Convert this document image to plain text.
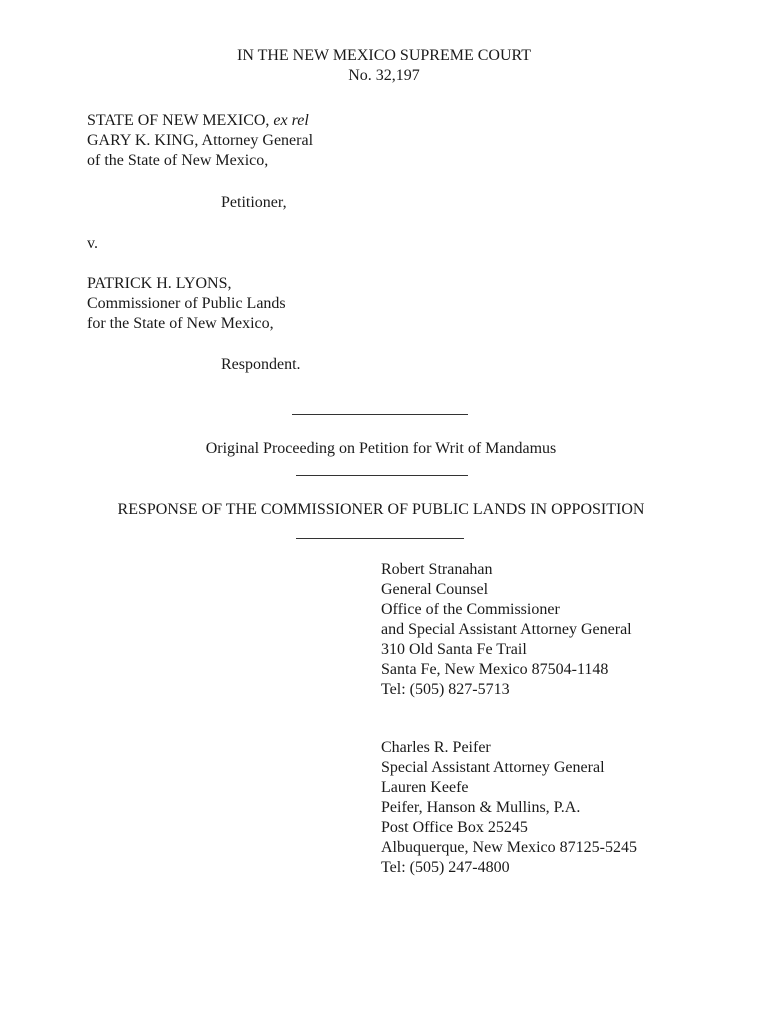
IN THE NEW MEXICO SUPREME COURT
No. 32,197
STATE OF NEW MEXICO, ex rel
GARY K. KING, Attorney General
of the State of New Mexico,
Petitioner,
v.
PATRICK H. LYONS,
Commissioner of Public Lands
for the State of New Mexico,
Respondent.
Original Proceeding on Petition for Writ of Mandamus
RESPONSE OF THE COMMISSIONER OF PUBLIC LANDS IN OPPOSITION

Robert Stranahan

General Counsel

Office of the Commissioner

and Special Assistant Attorney General

310 Old Santa Fe Trail

Santa Fe, New Mexico 87504-1148

Tel: (505) 827-5713

Charles R. Peifer

Special Assistant Attorney General

Lauren Keefe

Peifer, Hanson & Mullins, P.A.

Post Office Box 25245

Albuquerque, New Mexico 87125-5245

Tel: (505) 247-4800
